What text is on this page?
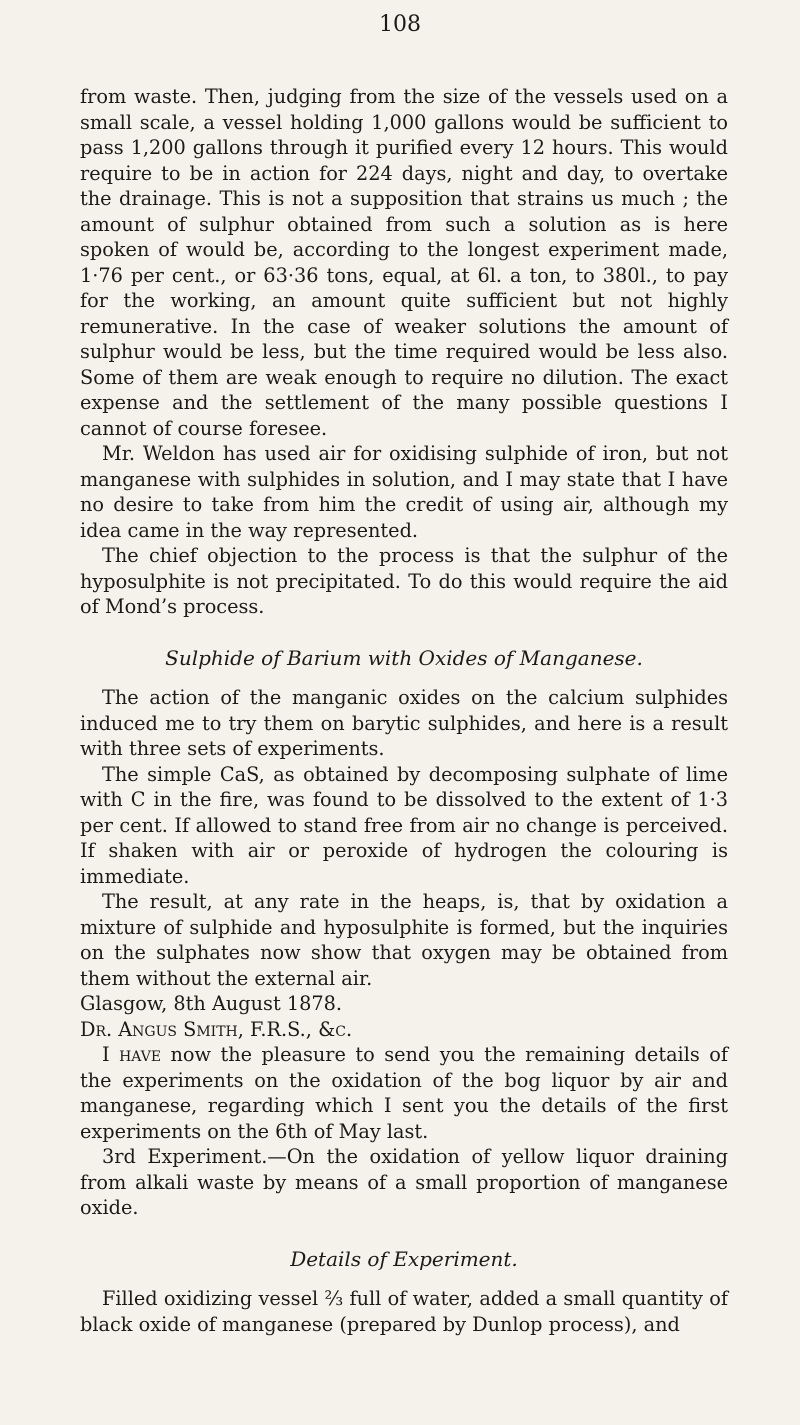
108

from waste. Then, judging from the size of the vessels used on a small scale, a vessel holding 1,000 gallons would be sufficient to pass 1,200 gallons through it purified every 12 hours. This would require to be in action for 224 days, night and day, to overtake the drainage. This is not a supposition that strains us much ; the amount of sulphur obtained from such a solution as is here spoken of would be, according to the longest experiment made, 1·76 per cent., or 63·36 tons, equal, at 6l. a ton, to 380l., to pay for the working, an amount quite sufficient but not highly remunerative. In the case of weaker solutions the amount of sulphur would be less, but the time required would be less also. Some of them are weak enough to require no dilution. The exact expense and the settlement of the many possible questions I cannot of course foresee.

Mr. Weldon has used air for oxidising sulphide of iron, but not manganese with sulphides in solution, and I may state that I have no desire to take from him the credit of using air, although my idea came in the way represented.

The chief objection to the process is that the sulphur of the hyposulphite is not precipitated. To do this would require the aid of Mond’s process.

Sulphide of Barium with Oxides of Manganese.

The action of the manganic oxides on the calcium sulphides induced me to try them on barytic sulphides, and here is a result with three sets of experiments.

The simple CaS, as obtained by decomposing sulphate of lime with C in the fire, was found to be dissolved to the extent of 1·3 per cent. If allowed to stand free from air no change is perceived. If shaken with air or peroxide of hydrogen the colouring is immediate.

The result, at any rate in the heaps, is, that by oxidation a mixture of sulphide and hyposulphite is formed, but the inquiries on the sulphates now show that oxygen may be obtained from them without the external air.

Glasgow, 8th August 1878.

Dr. Angus Smith, F.R.S., &c.

I have now the pleasure to send you the remaining details of the experiments on the oxidation of the bog liquor by air and manganese, regarding which I sent you the details of the first experiments on the 6th of May last.

3rd Experiment.—On the oxidation of yellow liquor draining from alkali waste by means of a small proportion of manganese oxide.

Details of Experiment.

Filled oxidizing vessel ⅔ full of water, added a small quantity of black oxide of manganese (prepared by Dunlop process), and
